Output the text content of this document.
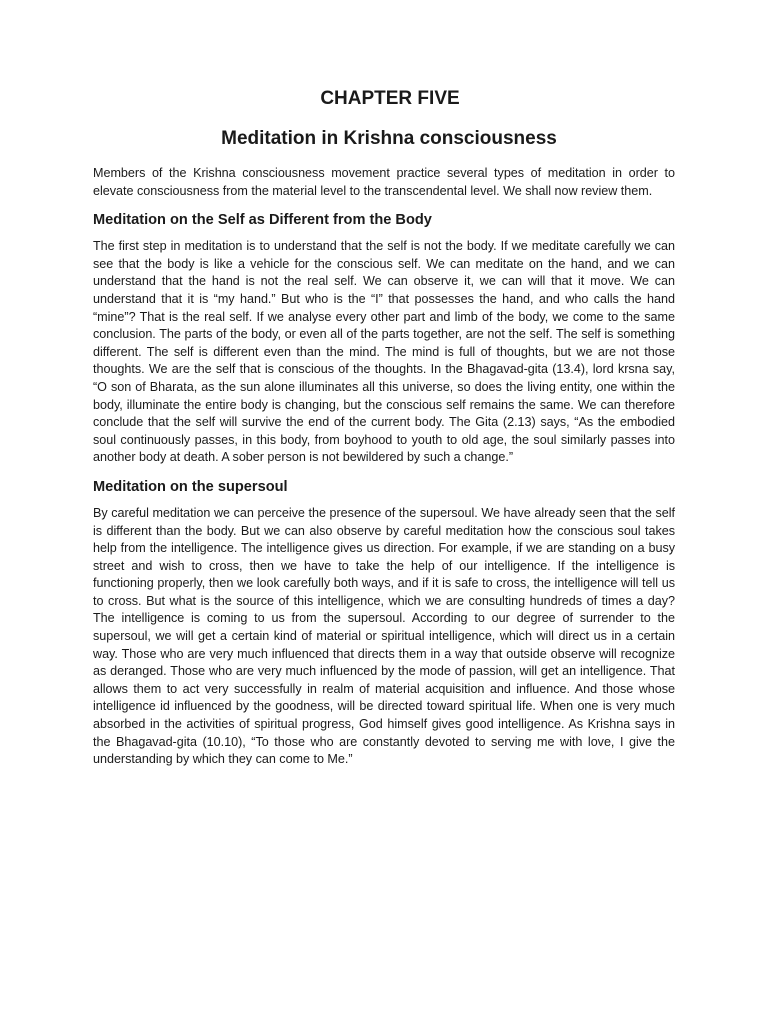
CHAPTER FIVE
Meditation in Krishna consciousness

Members of the Krishna consciousness movement practice several types of meditation in order to elevate consciousness from the material level to the transcendental level. We shall now review them.

Meditation on the Self as Different from the Body

The first step in meditation is to understand that the self is not the body. If we meditate carefully we can see that the body is like a vehicle for the conscious self. We can meditate on the hand, and we can understand that the hand is not the real self. We can observe it, we can will that it move. We can understand that it is “my hand.” But who is the “I” that possesses the hand, and who calls the hand “mine”? That is the real self. If we analyse every other part and limb of the body, we come to the same conclusion. The parts of the body, or even all of the parts together, are not the self. The self is something different. The self is different even than the mind. The mind is full of thoughts, but we are not those thoughts. We are the self that is conscious of the thoughts. In the Bhagavad-gita (13.4), lord krsna say, “O son of Bharata, as the sun alone illuminates all this universe, so does the living entity, one within the body, illuminate the entire body is changing, but the conscious self remains the same. We can therefore conclude that the self will survive the end of the current body. The Gita (2.13) says, “As the embodied soul continuously passes, in this body, from boyhood to youth to old age, the soul similarly passes into another body at death. A sober person is not bewildered by such a change.”

Meditation on the supersoul

By careful meditation we can perceive the presence of the supersoul. We have already seen that the self is different than the body. But we can also observe by careful meditation how the conscious soul takes help from the intelligence. The intelligence gives us direction. For example, if we are standing on a busy street and wish to cross, then we have to take the help of our intelligence. If the intelligence is functioning properly, then we look carefully both ways, and if it is safe to cross, the intelligence will tell us to cross. But what is the source of this intelligence, which we are consulting hundreds of times a day? The intelligence is coming to us from the supersoul. According to our degree of surrender to the supersoul, we will get a certain kind of material or spiritual intelligence, which will direct us in a certain way. Those who are very much influenced that directs them in a way that outside observe will recognize as deranged. Those who are very much influenced by the mode of passion, will get an intelligence. That allows them to act very successfully in realm of material acquisition and influence. And those whose intelligence id influenced by the goodness, will be directed toward spiritual life. When one is very much absorbed in the activities of spiritual progress, God himself gives good intelligence. As Krishna says in the Bhagavad-gita (10.10), “To those who are constantly devoted to serving me with love, I give the understanding by which they can come to Me.”
